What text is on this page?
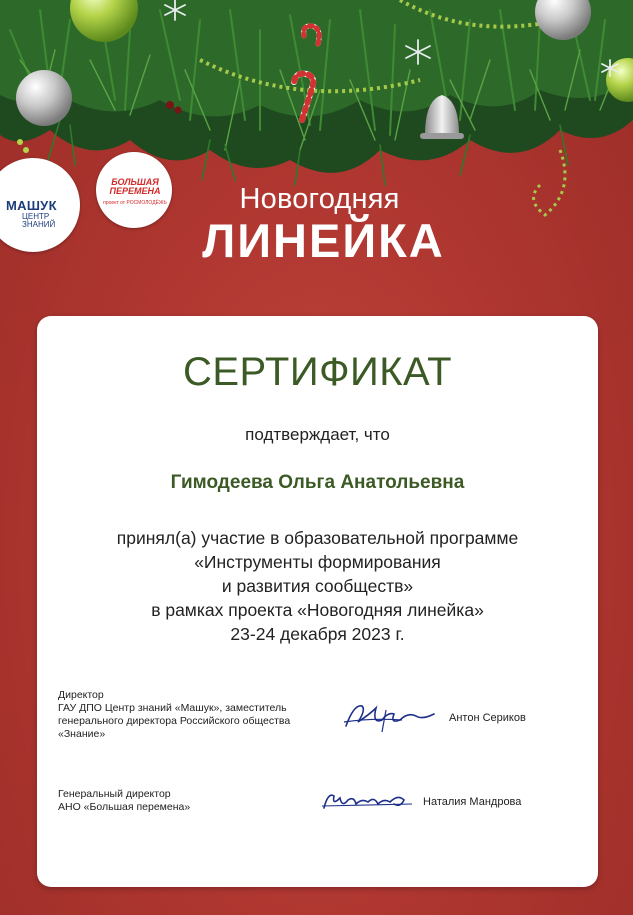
МАШУК
ЦЕНТР
ЗНАНИЙ
БОЛЬШАЯ
ПЕРЕМЕНА
проект от РОСМОЛОДЁЖЬ	Новогодняя
ЛИНЕЙКА
СЕРТИФИКАТ
подтверждает, что
Гимодеева Ольга Анатольевна
принял(а) участие в образовательной программе
«Инструменты формирования
и развития сообществ»
в рамках проекта «Новогодняя линейка»
23-24 декабря 2023 г.
Директор
ГАУ ДПО Центр знаний «Машук», заместитель
генерального директора Российского общества
«Знание»
Антон Сериков
Генеральный директор
АНО «Большая перемена»	Наталия Мандрова
